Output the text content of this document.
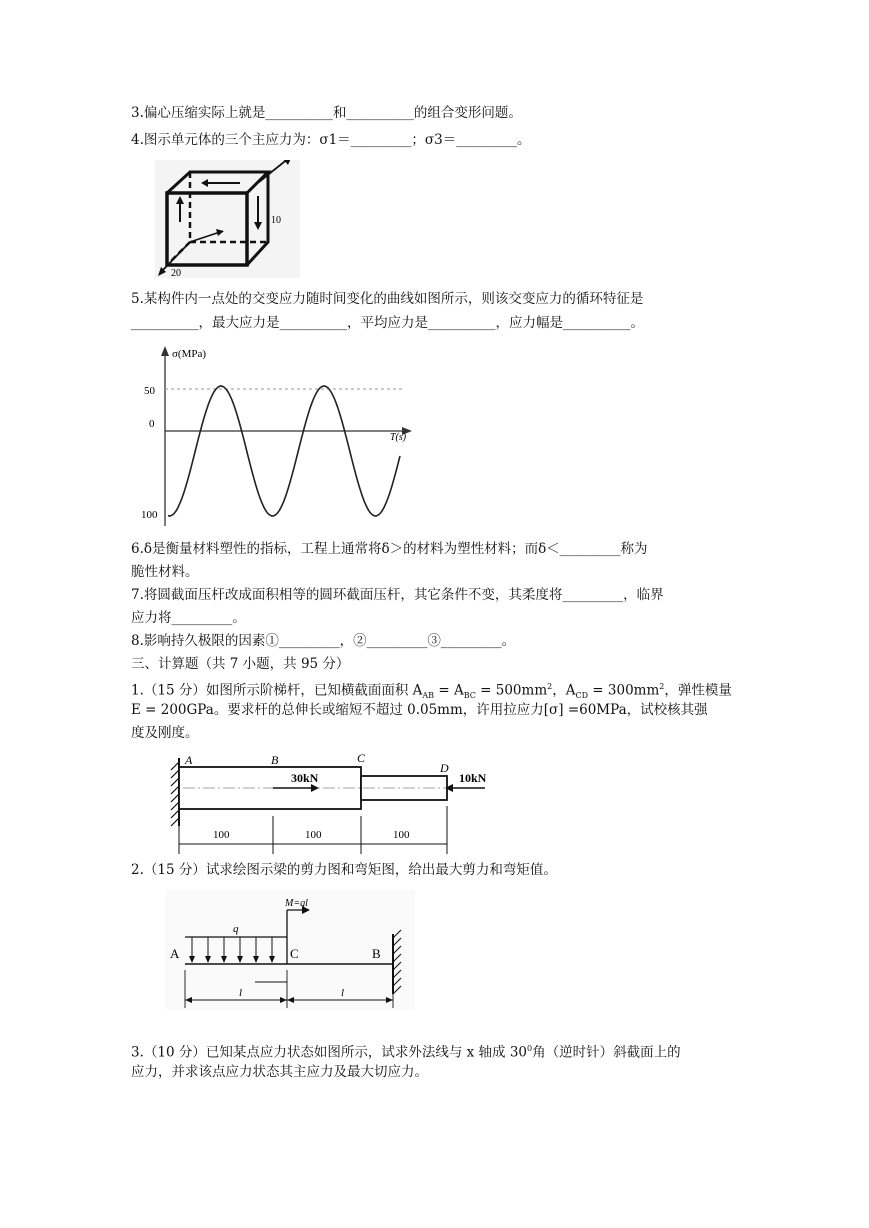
3.偏心压缩实际上就是__________和__________的组合变形问题。
4.图示单元体的三个主应力为：σ1＝_________；σ3＝_________。
10
20
5.某构件内一点处的交变应力随时间变化的曲线如图所示，则该交变应力的循环特征是
__________，最大应力是__________，平均应力是__________，应力幅是__________。
σ(MPa)
T(s)
50
0
100
6.δ是衡量材料塑性的指标，工程上通常将δ＞的材料为塑性材料；而δ＜_________称为
脆性材料。
7.将圆截面压杆改成面积相等的圆环截面压杆，其它条件不变，其柔度将_________，临界
应力将_________。
8.影响持久极限的因素①_________，②_________③_________。
三、计算题（共 7 小题，共 95 分）
1.（15 分）如图所示阶梯杆，已知横截面面积 $A_{AB} = A_{BC} = 500mm^2$，$A_{CD} = 300mm^2$，弹性模量
E = 200GPa。要求杆的总伸长或缩短不超过 0.05mm，许用拉应力[σ] =60MPa，试校核其强
度及刚度。
A	B	C
D
30kN	10kN
100	100	100
2.（15 分）试求绘图示梁的剪力图和弯矩图，给出最大剪力和弯矩值。
A	C	B
q
M=ql
l	l
3.（10 分）已知某点应力状态如图所示，试求外法线与 x 轴成 $30^0$角（逆时针）斜截面上的
应力，并求该点应力状态其主应力及最大切应力。
